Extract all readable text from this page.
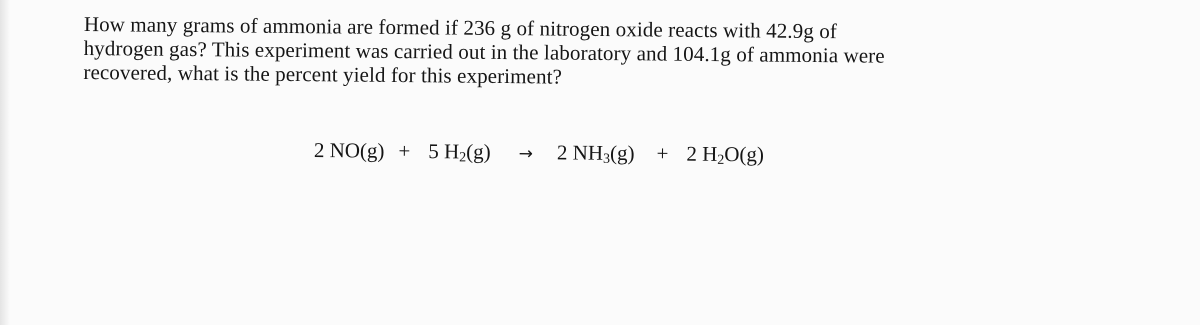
How many grams of ammonia are formed if 236 g of nitrogen oxide reacts with 42.9g of
hydrogen gas? This experiment was carried out in the laboratory and 104.1g of ammonia were
recovered, what is the percent yield for this experiment?
2 NO(g) + 5 $H_2(g) \to 2$ $NH_3(g) + 2$ $H_2O(g)$
